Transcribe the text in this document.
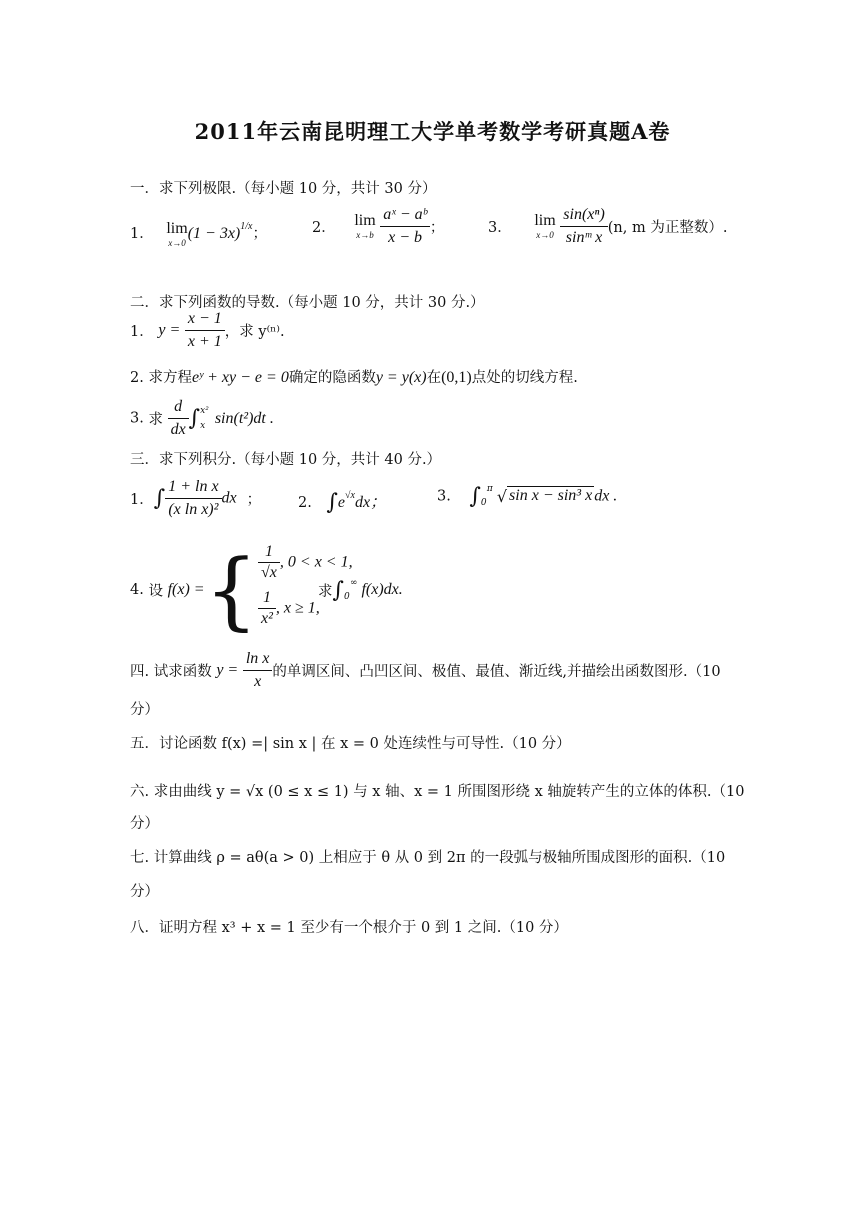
2011年云南昆明理工大学单考数学考研真题A卷
一．求下列极限.（每小题 10 分，共计 30 分）
1． lim
x→0
$(1 - 3x)^{1/x}$；	2． lim
x→b
$\frac{\text{aˣ − aᵇ}}{x - b}$ ；	3． lim
x→0
$\frac{\text{sin(xⁿ)}}{\text{sinᵐ x}} (n$, m 为正整数）.
二．求下列函数的导数.（每小题 10 分，共计 30 分.）
1． $y = \frac{x - 1}{x + 1}$ ，求 y⁽ⁿ⁾.
2. 求方程eʸ + xy − e = 0确定的隐函数y = y(x)在(0,1)点处的切线方程.
3. 求 $\frac{d}{dx}$ ∫ x²
x sin(t²)dt .
三．求下列积分.（每小题 10 分，共计 40 分.）
1．∫ $\frac{\text{1 + ln x}}{\text{(x ln x)²}}$ dx ；	2. $\int e^{√x}dx$；	3. ∫ π
0 √ sin x − sin³ x dx .
4. 设 f(x) ={ $\frac{1}{√x}$ , 0 < x < 1,
$\frac{1}{\text{x²}}$ , x ≥ 1,
求∫ ∞
0 f(x)dx.
四. 试求函数 $y = \frac{\text{ln x}}{x}$ 的单调区间、凸凹区间、极值、最值、渐近线,并描绘出函数图形.（10
分）
五．讨论函数 f(x) =| sin x | 在 x = 0 处连续性与可导性.（10 分）
六. 求由曲线 y = √x (0 ≤ x ≤ 1) 与 x 轴、x = 1 所围图形绕 x 轴旋转产生的立体的体积.（10
分）
七. 计算曲线 ρ = aθ(a > 0) 上相应于 θ 从 0 到 2π 的一段弧与极轴所围成图形的面积.（10
分）
八．证明方程 x³ + x = 1 至少有一个根介于 0 到 1 之间.（10 分）
